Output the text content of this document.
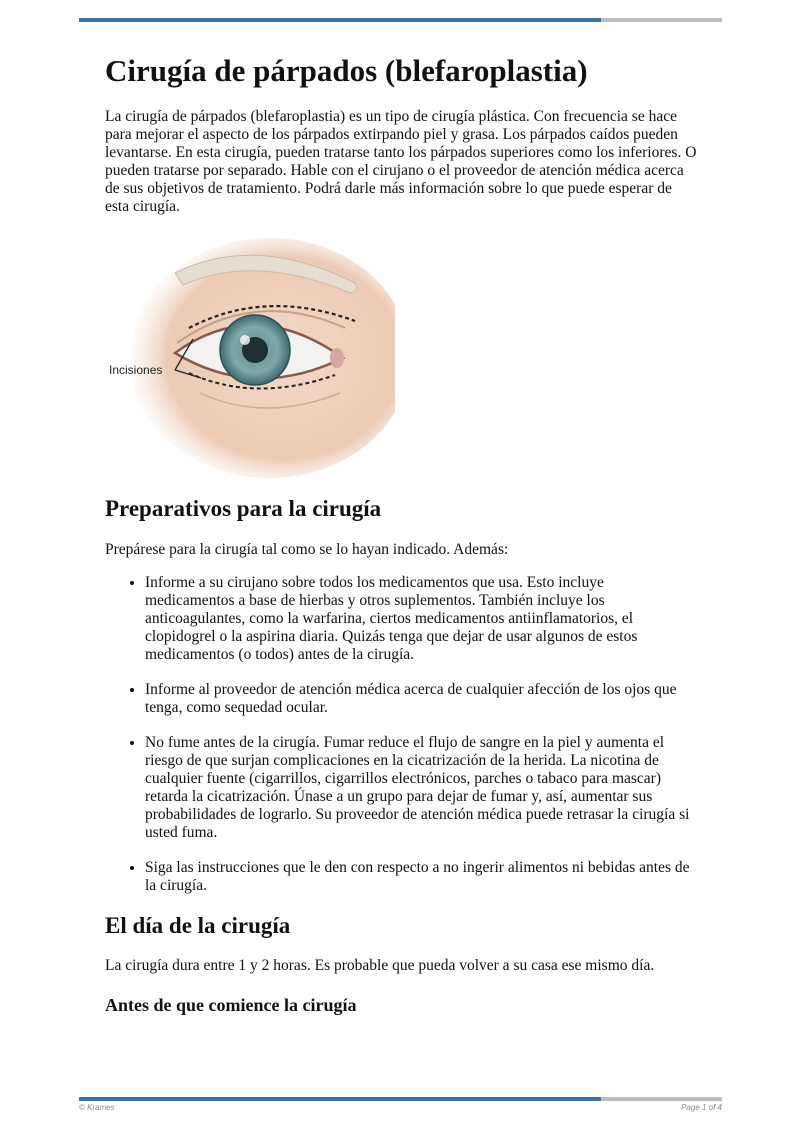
Cirugía de párpados (blefaroplastia)

La cirugía de párpados (blefaroplastia) es un tipo de cirugía plástica. Con frecuencia se hace para mejorar el aspecto de los párpados extirpando piel y grasa. Los párpados caídos pueden levantarse. En esta cirugía, pueden tratarse tanto los párpados superiores como los inferiores. O pueden tratarse por separado. Hable con el cirujano o el proveedor de atención médica acerca de sus objetivos de tratamiento. Podrá darle más información sobre lo que puede esperar de esta cirugía.

Incisiones
Preparativos para la cirugía

Prepárese para la cirugía tal como se lo hayan indicado. Además:

• Informe a su cirujano sobre todos los medicamentos que usa. Esto incluye medicamentos a base de hierbas y otros suplementos. También incluye los anticoagulantes, como la warfarina, ciertos medicamentos antiinflamatorios, el clopidogrel o la aspirina diaria. Quizás tenga que dejar de usar algunos de estos medicamentos (o todos) antes de la cirugía.
• Informe al proveedor de atención médica acerca de cualquier afección de los ojos que tenga, como sequedad ocular.
• No fume antes de la cirugía. Fumar reduce el flujo de sangre en la piel y aumenta el riesgo de que surjan complicaciones en la cicatrización de la herida. La nicotina de cualquier fuente (cigarrillos, cigarrillos electrónicos, parches o tabaco para mascar) retarda la cicatrización. Únase a un grupo para dejar de fumar y, así, aumentar sus probabilidades de lograrlo. Su proveedor de atención médica puede retrasar la cirugía si usted fuma.
• Siga las instrucciones que le den con respecto a no ingerir alimentos ni bebidas antes de la cirugía.
El día de la cirugía

La cirugía dura entre 1 y 2 horas. Es probable que pueda volver a su casa ese mismo día.

Antes de que comience la cirugía
© Krames	Page 1 of 4
